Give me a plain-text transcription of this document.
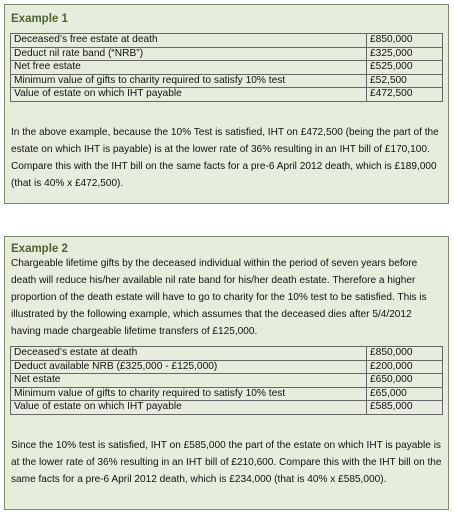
Example 1
Deceased’s free estate at death	£850,000
Deduct nil rate band (“NRB”)	£325,000
Net free estate	£525,000
Minimum value of gifts to charity required to satisfy 10% test	£52,500
Value of estate on which IHT payable	£472,500

In the above example, because the 10% Test is satisfied, IHT on £472,500 (being the part of the estate on which IHT is payable) is at the lower rate of 36% resulting in an IHT bill of £170,100. Compare this with the IHT bill on the same facts for a pre-6 April 2012 death, which is £189,000 (that is 40% x £472,500).

Example 2

Chargeable lifetime gifts by the deceased individual within the period of seven years before death will reduce his/her available nil rate band for his/her death estate. Therefore a higher proportion of the death estate will have to go to charity for the 10% test to be satisfied. This is illustrated by the following example, which assumes that the deceased dies after 5/4/2012 having made chargeable lifetime transfers of £125,000.

Deceased’s estate at death	£850,000
Deduct available NRB (£325,000 - £125,000)	£200,000
Net estate	£650,000
Minimum value of gifts to charity required to satisfy 10% test	£65,000
Value of estate on which IHT payable	£585,000

Since the 10% test is satisfied, IHT on £585,000 the part of the estate on which IHT is payable is at the lower rate of 36% resulting in an IHT bill of £210,600. Compare this with the IHT bill on the same facts for a pre-6 April 2012 death, which is £234,000 (that is 40% x £585,000).
